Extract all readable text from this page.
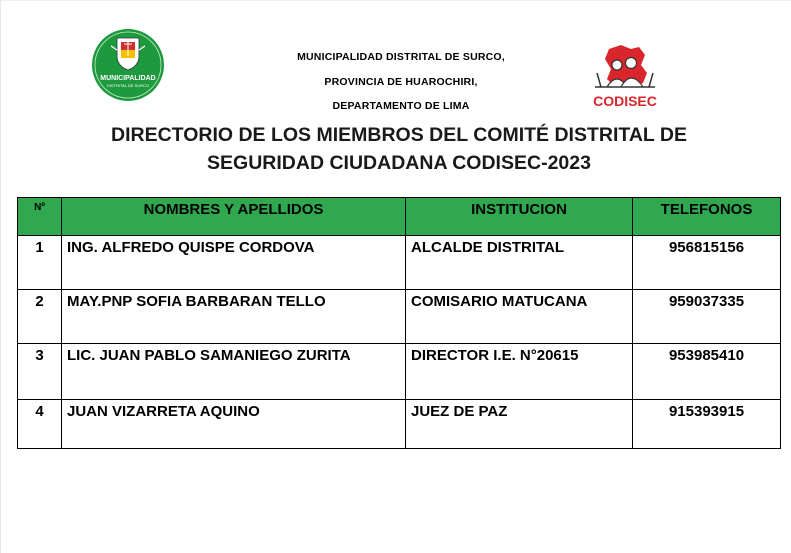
MUNICIPALIDAD
DISTRITAL DE SURCO
MUNICIPALIDAD DISTRITAL DE SURCO,
PROVINCIA DE HUAROCHIRI,
DEPARTAMENTO DE LIMA	CODISEC
DIRECTORIO DE LOS MIEMBROS DEL COMITÉ DISTRITAL DE
SEGURIDAD CIUDADANA CODISEC-2023
Nº	NOMBRES Y APELLIDOS	INSTITUCION	TELEFONOS
1	ING. ALFREDO QUISPE CORDOVA	ALCALDE DISTRITAL	956815156
2	MAY.PNP SOFIA BARBARAN TELLO	COMISARIO MATUCANA	959037335
3	LIC. JUAN PABLO SAMANIEGO ZURITA	DIRECTOR I.E. N°20615	953985410
4	JUAN VIZARRETA AQUINO	JUEZ DE PAZ	915393915
